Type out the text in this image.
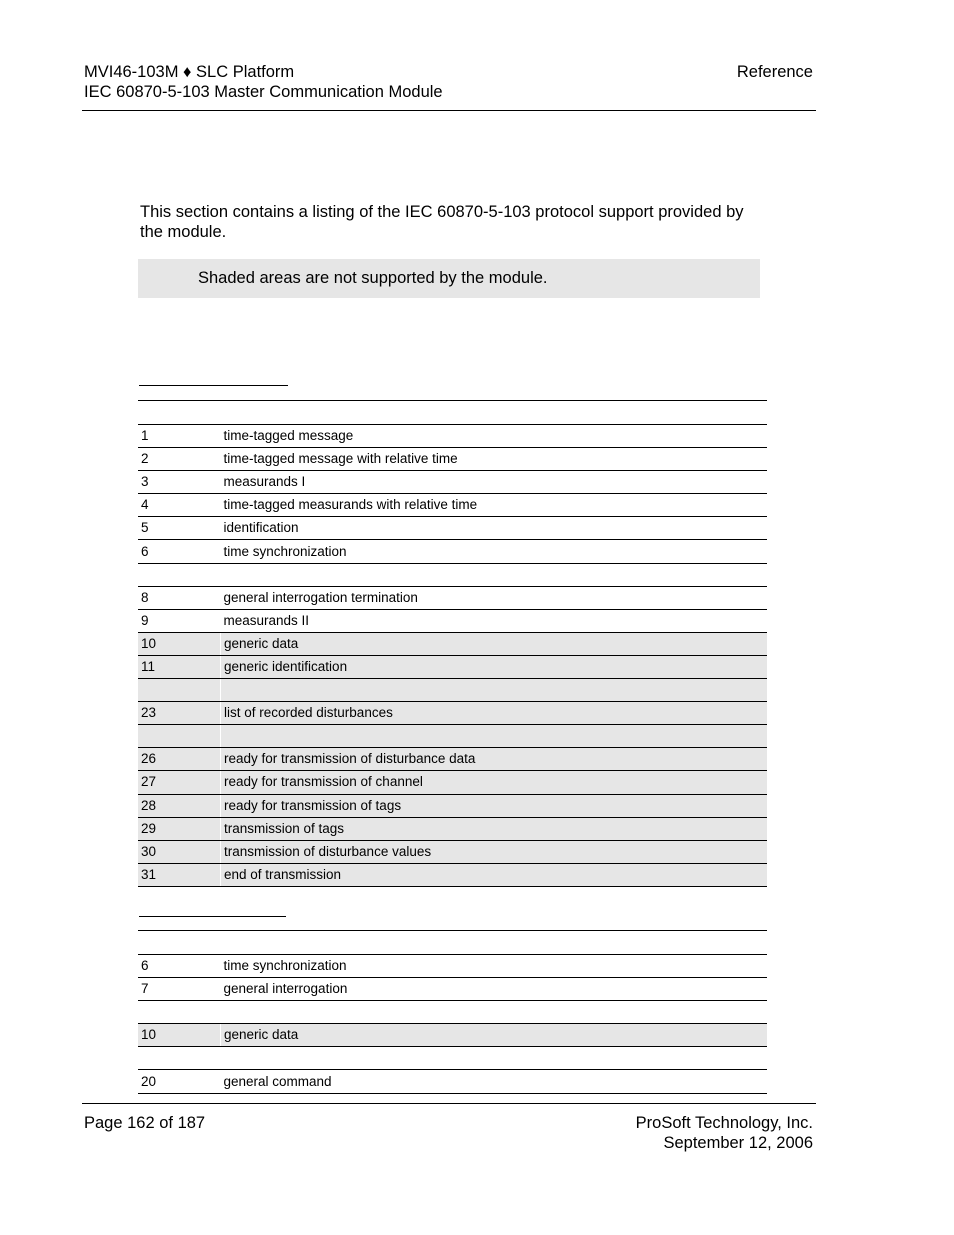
MVI46-103M ♦ SLC Platform
IEC 60870-5-103 Master Communication Module
Reference
This section contains a listing of the IEC 60870-5-103 protocol support provided by the module.
Shaded areas are not supported by the module.

1	time-tagged message
2	time-tagged message with relative time
3	measurands I
4	time-tagged measurands with relative time
5	identification
6	time synchronization

8	general interrogation termination
9	measurands II
10	generic data
11	generic identification

23	list of recorded disturbances

26	ready for transmission of disturbance data
27	ready for transmission of channel
28	ready for transmission of tags
29	transmission of tags
30	transmission of disturbance values
31	end of transmission

6	time synchronization
7	general interrogation

10	generic data

20	general command
Page 162 of 187	ProSoft Technology, Inc.
September 12, 2006
